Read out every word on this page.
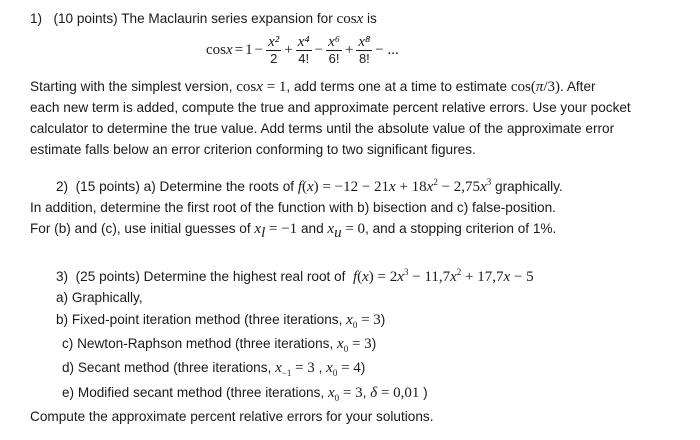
1) (10 points) The Maclaurin series expansion for cosx is
$\cos x = 1 - \frac{\text{x²}}{2} + \frac{\text{x⁴}}{4!} - \frac{\text{x⁶}}{6!} + \frac{\text{x⁸}}{8!}$ − ...
Starting with the simplest version, cosx = 1, add terms one at a time to estimate cos(π/3). After
each new term is added, compute the true and approximate percent relative errors. Use your pocket
calculator to determine the true value. Add terms until the absolute value of the approximate error
estimate falls below an error criterion conforming to two significant figures.
2) (15 points) a) Determine the roots of $f(x) = -12 - 21x + 18x^2 - 2,75x^3$ graphically.
In addition, determine the first root of the function with b) bisection and c) false-position.
For (b) and (c), use initial guesses of $x_l = -1$ and $x_u = 0$, and a stopping criterion of 1%.
3) (25 points) Determine the highest real root of $f(x) = 2x^3 - 11,7x^2 + 17,7x - 5$
a) Graphically,
b) Fixed-point iteration method (three iterations, $x_0 = 3$)
c) Newton-Raphson method (three iterations, $x_0 = 3$)
d) Secant method (three iterations, $x_{-1} = 3$ , $x_0 = 4$)
e) Modified secant method (three iterations, $x_0 = 3$, δ = 0,01 )
Compute the approximate percent relative errors for your solutions.
